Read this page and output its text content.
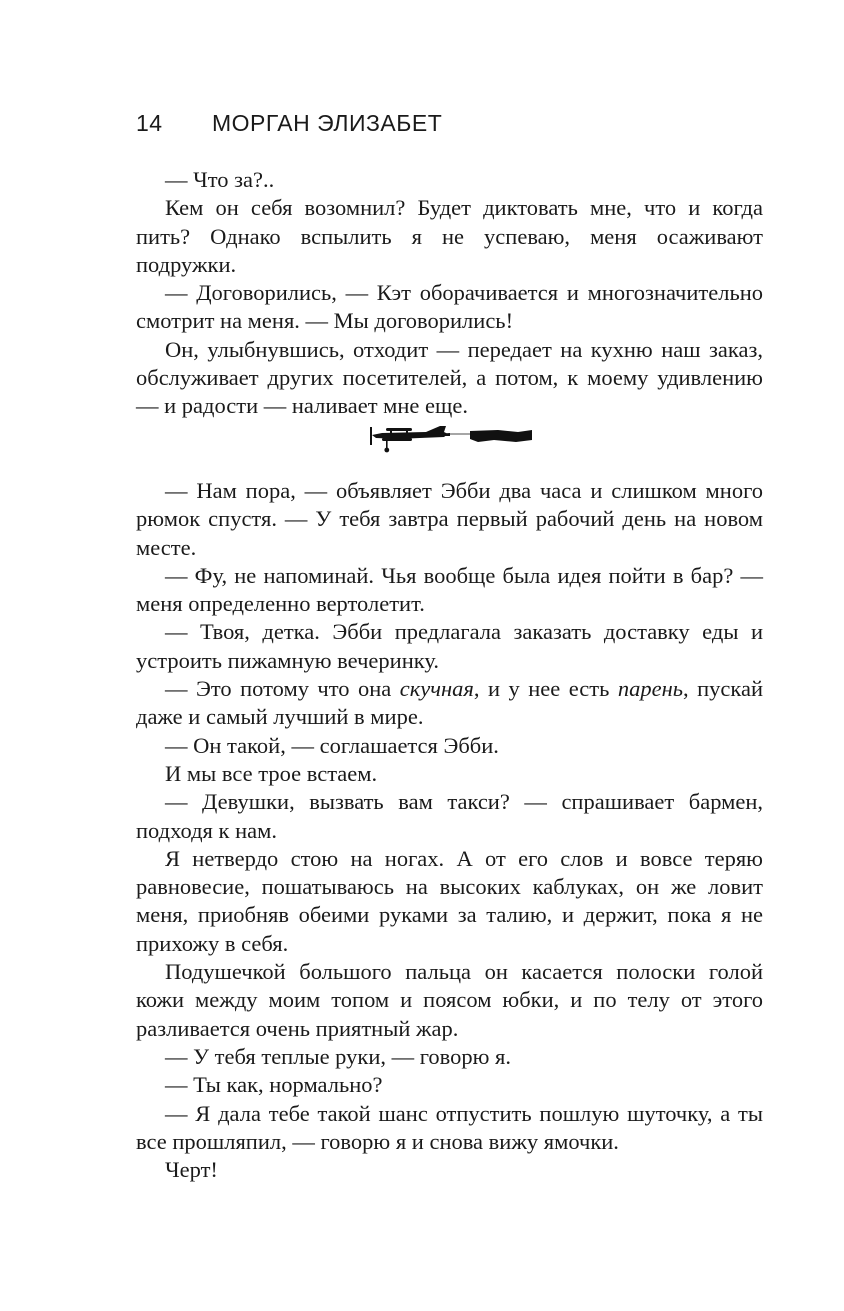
14 МОРГАН ЭЛИЗАБЕТ

— Что за?..

Кем он себя возомнил? Будет диктовать мне, что и когда пить? Однако вспылить я не успеваю, меня осаживают подружки.

— Договорились, — Кэт оборачивается и многозначительно смотрит на меня. — Мы договорились!

Он, улыбнувшись, отходит — передает на кухню наш заказ, обслуживает других посетителей, а потом, к моему удивлению — и радости — наливает мне еще.

— Нам пора, — объявляет Эбби два часа и слишком много рюмок спустя. — У тебя завтра первый рабочий день на новом месте.

— Фу, не напоминай. Чья вообще была идея пойти в бар? — меня определенно вертолетит.

— Твоя, детка. Эбби предлагала заказать доставку еды и устроить пижамную вечеринку.

— Это потому что она скучная, и у нее есть парень, пускай даже и самый лучший в мире.

— Он такой, — соглашается Эбби.

И мы все трое встаем.

— Девушки, вызвать вам такси? — спрашивает бармен, подходя к нам.

Я нетвердо стою на ногах. А от его слов и вовсе теряю равновесие, пошатываюсь на высоких каблуках, он же ловит меня, приобняв обеими руками за талию, и держит, пока я не прихожу в себя.

Подушечкой большого пальца он касается полоски голой кожи между моим топом и поясом юбки, и по телу от этого разливается очень приятный жар.

— У тебя теплые руки, — говорю я.

— Ты как, нормально?

— Я дала тебе такой шанс отпустить пошлую шуточку, а ты все прошляпил, — говорю я и снова вижу ямочки.

Черт!
